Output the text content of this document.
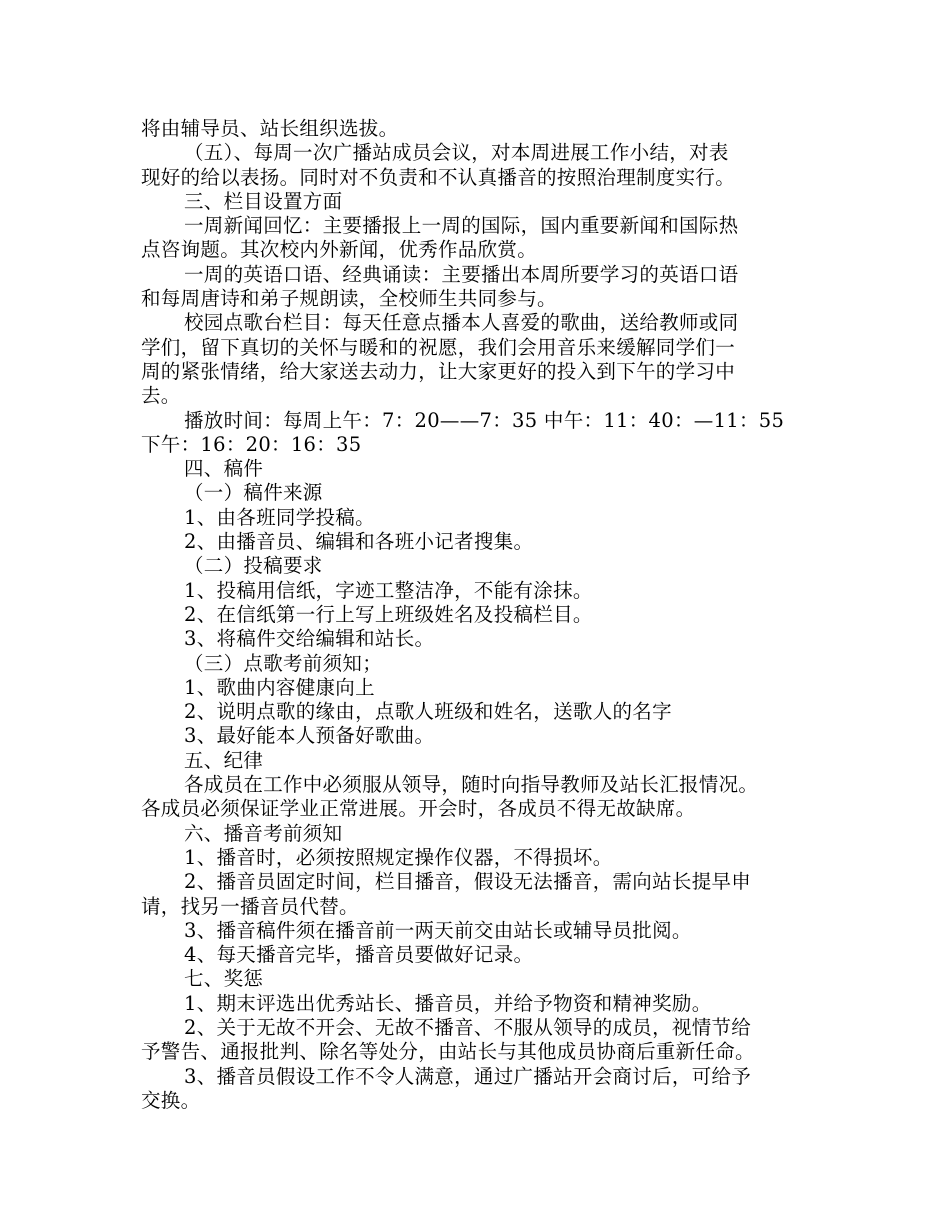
将由辅导员、站长组织选拔。
（五）、每周一次广播站成员会议，对本周进展工作小结，对表
现好的给以表扬。同时对不负责和不认真播音的按照治理制度实行。
三、栏目设置方面
一周新闻回忆：主要播报上一周的国际，国内重要新闻和国际热
点咨询题。其次校内外新闻，优秀作品欣赏。
一周的英语口语、经典诵读：主要播出本周所要学习的英语口语
和每周唐诗和弟子规朗读，全校师生共同参与。
校园点歌台栏目：每天任意点播本人喜爱的歌曲，送给教师或同
学们，留下真切的关怀与暖和的祝愿，我们会用音乐来缓解同学们一
周的紧张情绪，给大家送去动力，让大家更好的投入到下午的学习中
去。
播放时间：每周上午：7：20——7：35 中午：11：40：—11：55
下午：16：20：16：35
四、稿件
（一）稿件来源
1、由各班同学投稿。
2、由播音员、编辑和各班小记者搜集。
（二）投稿要求
1、投稿用信纸，字迹工整洁净，不能有涂抹。
2、在信纸第一行上写上班级姓名及投稿栏目。
3、将稿件交给编辑和站长。
（三）点歌考前须知；
1、歌曲内容健康向上
2、说明点歌的缘由，点歌人班级和姓名，送歌人的名字
3、最好能本人预备好歌曲。
五、纪律
各成员在工作中必须服从领导，随时向指导教师及站长汇报情况。
各成员必须保证学业正常进展。开会时，各成员不得无故缺席。
六、播音考前须知
1、播音时，必须按照规定操作仪器，不得损坏。
2、播音员固定时间，栏目播音，假设无法播音，需向站长提早申
请，找另一播音员代替。
3、播音稿件须在播音前一两天前交由站长或辅导员批阅。
4、每天播音完毕，播音员要做好记录。
七、奖惩
1、期末评选出优秀站长、播音员，并给予物资和精神奖励。
2、关于无故不开会、无故不播音、不服从领导的成员，视情节给
予警告、通报批判、除名等处分，由站长与其他成员协商后重新任命。
3、播音员假设工作不令人满意，通过广播站开会商讨后，可给予
交换。
